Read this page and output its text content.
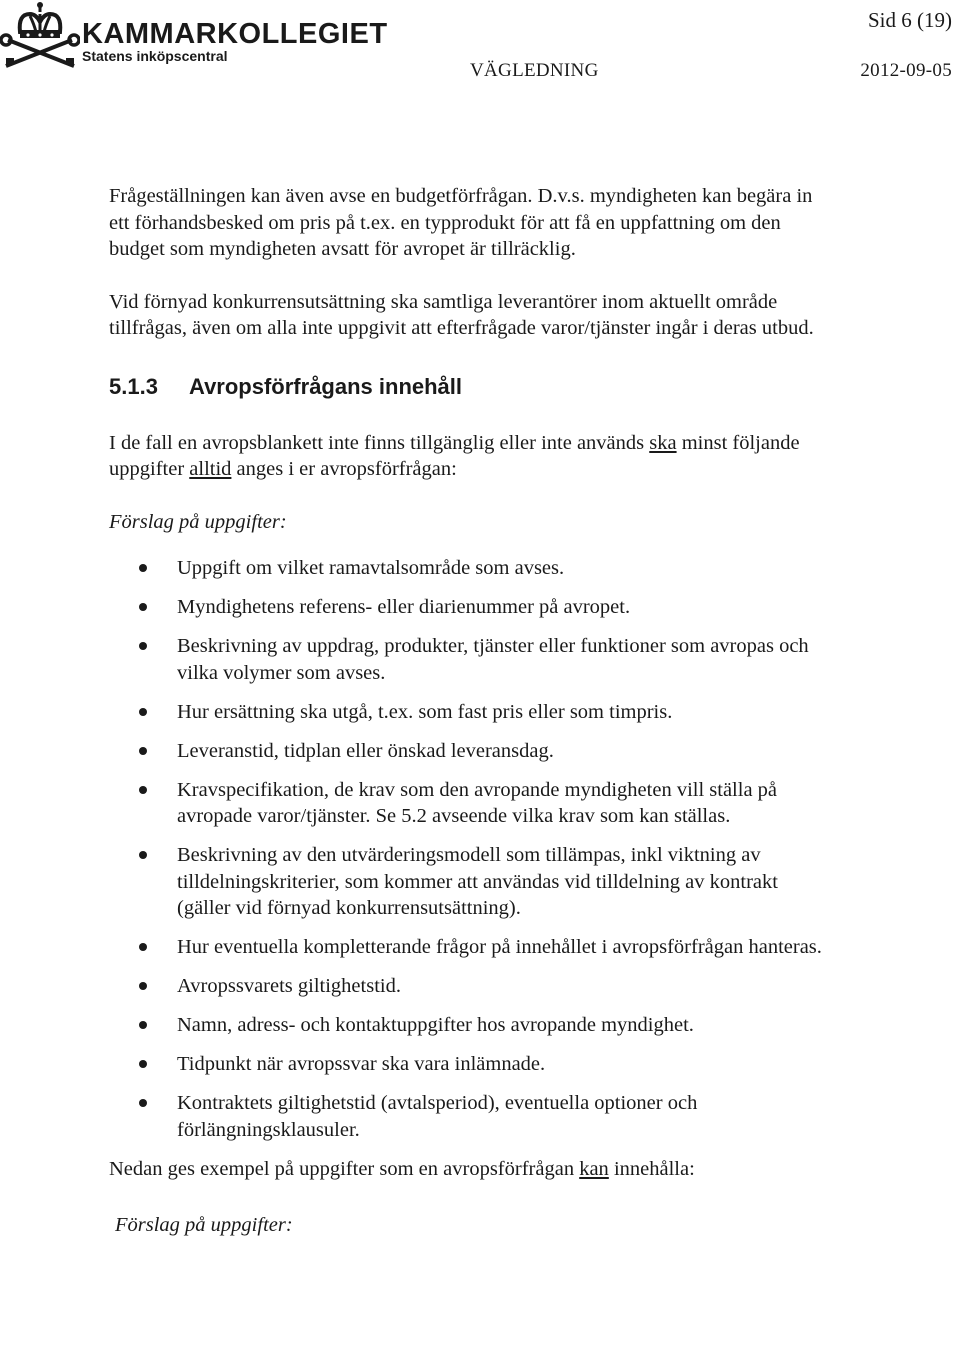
KAMMARKOLLEGIET
Statens inköpscentral
Sid 6 (19)
VÄGLEDNING	2012-09-05

Frågeställningen kan även avse en budgetförfrågan. D.v.s. myndigheten kan begära in ett förhandsbesked om pris på t.ex. en typprodukt för att få en uppfattning om den budget som myndigheten avsatt för avropet är tillräcklig.

Vid förnyad konkurrensutsättning ska samtliga leverantörer inom aktuellt område tillfrågas, även om alla inte uppgivit att efterfrågade varor/tjänster ingår i deras utbud.

5.1.3 Avropsförfrågans innehåll

I de fall en avropsblankett inte finns tillgänglig eller inte används ska minst följande uppgifter alltid anges i er avropsförfrågan:

Förslag på uppgifter:

Uppgift om vilket ramavtalsområde som avses.
Myndighetens referens- eller diarienummer på avropet.
Beskrivning av uppdrag, produkter, tjänster eller funktioner som avropas och vilka volymer som avses.
Hur ersättning ska utgå, t.ex. som fast pris eller som timpris.
Leveranstid, tidplan eller önskad leveransdag.
Kravspecifikation, de krav som den avropande myndigheten vill ställa på avropade varor/tjänster. Se 5.2 avseende vilka krav som kan ställas.
Beskrivning av den utvärderingsmodell som tillämpas, inkl viktning av tilldelningskriterier, som kommer att användas vid tilldelning av kontrakt (gäller vid förnyad konkurrensutsättning).
Hur eventuella kompletterande frågor på innehållet i avropsförfrågan hanteras.
Avropssvarets giltighetstid.
Namn, adress- och kontaktuppgifter hos avropande myndighet.
Tidpunkt när avropssvar ska vara inlämnade.
Kontraktets giltighetstid (avtalsperiod), eventuella optioner och förlängningsklausuler.

Nedan ges exempel på uppgifter som en avropsförfrågan kan innehålla:

Förslag på uppgifter:
